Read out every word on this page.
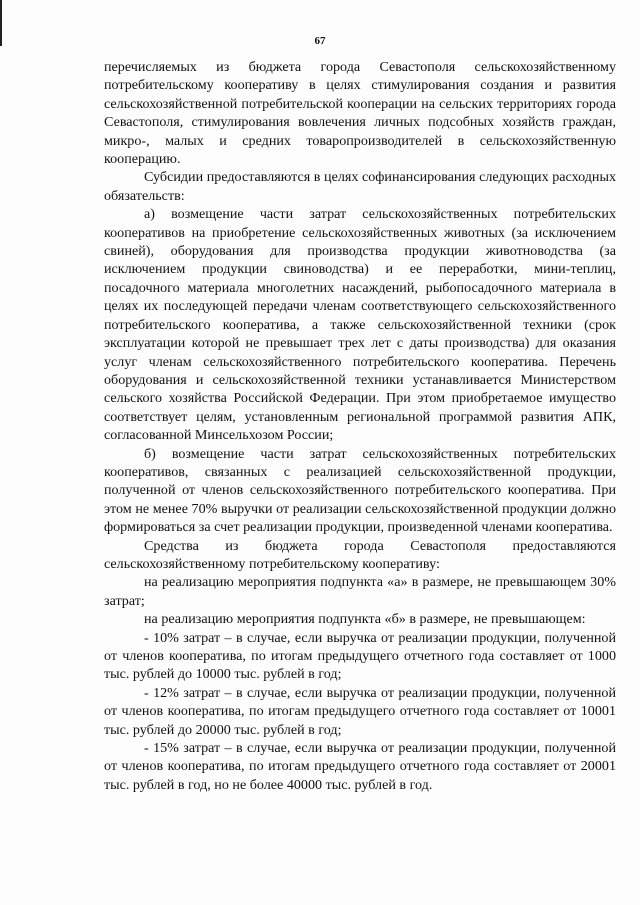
67

перечисляемых из бюджета города Севастополя сельскохозяйственному потребительскому кооперативу в целях стимулирования создания и развития сельскохозяйственной потребительской кооперации на сельских территориях города Севастополя, стимулирования вовлечения личных подсобных хозяйств граждан, микро-, малых и средних товаропроизводителей в сельскохозяйственную кооперацию.

Субсидии предоставляются в целях софинансирования следующих расходных обязательств:

а) возмещение части затрат сельскохозяйственных потребительских кооперативов на приобретение сельскохозяйственных животных (за исключением свиней), оборудования для производства продукции животноводства (за исключением продукции свиноводства) и ее переработки, мини-теплиц, посадочного материала многолетних насаждений, рыбопосадочного материала в целях их последующей передачи членам соответствующего сельскохозяйственного потребительского кооператива, а также сельскохозяйственной техники (срок эксплуатации которой не превышает трех лет с даты производства) для оказания услуг членам сельскохозяйственного потребительского кооператива. Перечень оборудования и сельскохозяйственной техники устанавливается Министерством сельского хозяйства Российской Федерации. При этом приобретаемое имущество соответствует целям, установленным региональной программой развития АПК, согласованной Минсельхозом России;

б) возмещение части затрат сельскохозяйственных потребительских кооперативов, связанных с реализацией сельскохозяйственной продукции, полученной от членов сельскохозяйственного потребительского кооператива. При этом не менее 70% выручки от реализации сельскохозяйственной продукции должно формироваться за счет реализации продукции, произведенной членами кооператива.

Средства из бюджета города Севастополя предоставляются сельскохозяйственному потребительскому кооперативу:

на реализацию мероприятия подпункта «а» в размере, не превышающем 30% затрат;

на реализацию мероприятия подпункта «б» в размере, не превышающем:

- 10% затрат – в случае, если выручка от реализации продукции, полученной от членов кооператива, по итогам предыдущего отчетного года составляет от 1000 тыс. рублей до 10000 тыс. рублей в год;

- 12% затрат – в случае, если выручка от реализации продукции, полученной от членов кооператива, по итогам предыдущего отчетного года составляет от 10001 тыс. рублей до 20000 тыс. рублей в год;

- 15% затрат – в случае, если выручка от реализации продукции, полученной от членов кооператива, по итогам предыдущего отчетного года составляет от 20001 тыс. рублей в год, но не более 40000 тыс. рублей в год.
